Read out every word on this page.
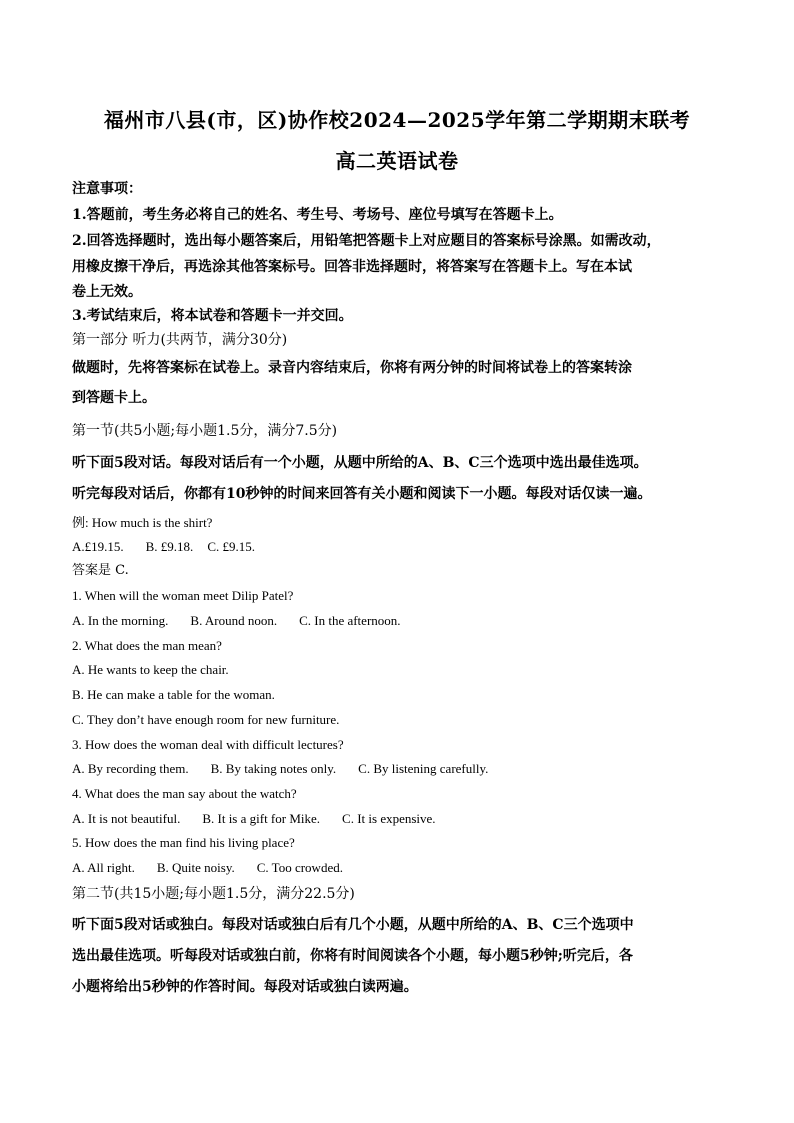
福州市八县(市，区)协作校2024—2025学年第二学期期末联考
高二英语试卷
注意事项：
1.答题前，考生务必将自己的姓名、考生号、考场号、座位号填写在答题卡上。
2.回答选择题时，选出每小题答案后，用铅笔把答题卡上对应题目的答案标号涂黑。如需改动，
用橡皮擦干净后，再选涂其他答案标号。回答非选择题时，将答案写在答题卡上。写在本试
卷上无效。
3.考试结束后，将本试卷和答题卡一并交回。
第一部分 听力(共两节，满分30分)
做题时，先将答案标在试卷上。录音内容结束后，你将有两分钟的时间将试卷上的答案转涂
到答题卡上。
第一节(共5小题;每小题1.5分，满分7.5分)
听下面5段对话。每段对话后有一个小题，从题中所给的A、B、C三个选项中选出最佳选项。
听完每段对话后，你都有10秒钟的时间来回答有关小题和阅读下一小题。每段对话仅读一遍。
例: How much is the shirt?
A.£19.15. B. £9.18. C. £9.15.
答案是 C.
1. When will the woman meet Dilip Patel?
A. In the morning. B. Around noon. C. In the afternoon.
2. What does the man mean?
A. He wants to keep the chair.
B. He can make a table for the woman.
C. They don’t have enough room for new furniture.
3. How does the woman deal with difficult lectures?
A. By recording them. B. By taking notes only. C. By listening carefully.
4. What does the man say about the watch?
A. It is not beautiful. B. It is a gift for Mike. C. It is expensive.
5. How does the man find his living place?
A. All right. B. Quite noisy. C. Too crowded.
第二节(共15小题;每小题1.5分，满分22.5分)
听下面5段对话或独白。每段对话或独白后有几个小题，从题中所给的A、B、C三个选项中
选出最佳选项。听每段对话或独白前，你将有时间阅读各个小题，每小题5秒钟;听完后，各
小题将给出5秒钟的作答时间。每段对话或独白读两遍。
